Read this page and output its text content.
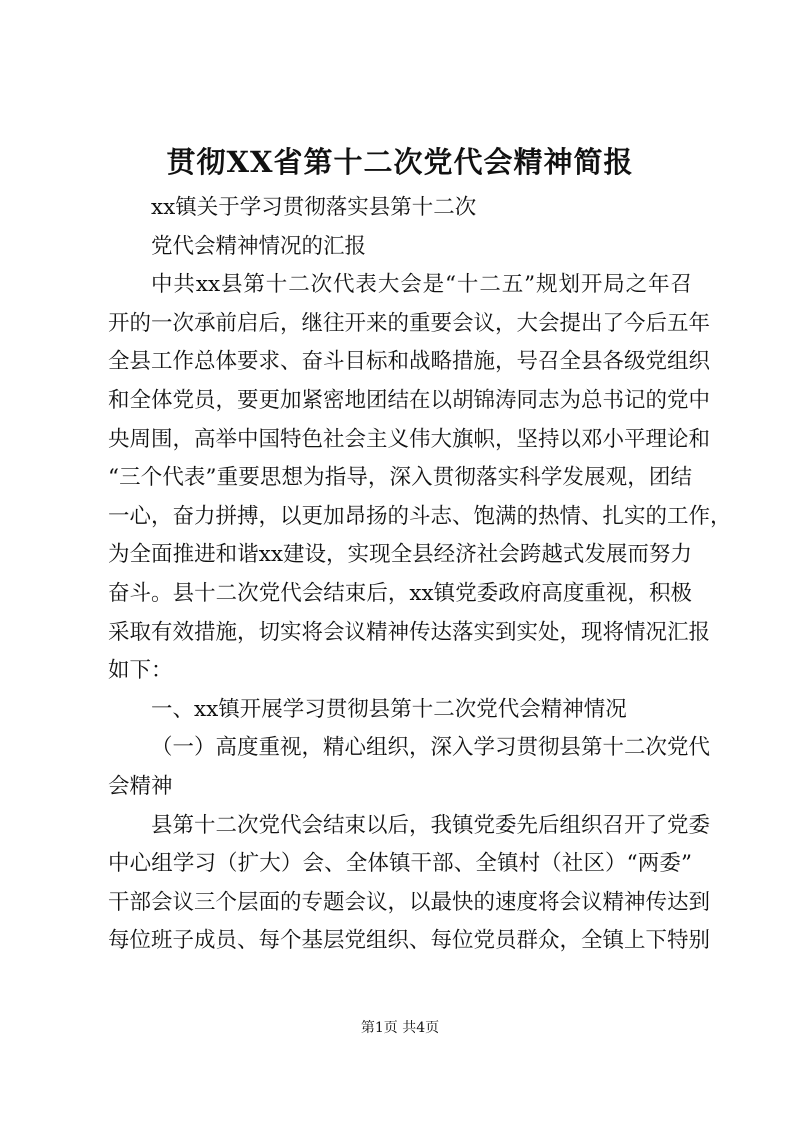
贯彻XX省第十二次党代会精神简报
xx镇关于学习贯彻落实县第十二次
党代会精神情况的汇报
中共xx县第十二次代表大会是“十二五”规划开局之年召
开的一次承前启后，继往开来的重要会议，大会提出了今后五年
全县工作总体要求、奋斗目标和战略措施，号召全县各级党组织
和全体党员，要更加紧密地团结在以胡锦涛同志为总书记的党中
央周围，高举中国特色社会主义伟大旗帜，坚持以邓小平理论和
“三个代表”重要思想为指导，深入贯彻落实科学发展观，团结
一心，奋力拼搏，以更加昂扬的斗志、饱满的热情、扎实的工作，
为全面推进和谐xx建设，实现全县经济社会跨越式发展而努力
奋斗。县十二次党代会结束后，xx镇党委政府高度重视，积极
采取有效措施，切实将会议精神传达落实到实处，现将情况汇报
如下：
一、xx镇开展学习贯彻县第十二次党代会精神情况
（一）高度重视，精心组织，深入学习贯彻县第十二次党代
会精神
县第十二次党代会结束以后，我镇党委先后组织召开了党委
中心组学习（扩大）会、全体镇干部、全镇村（社区）“两委”
干部会议三个层面的专题会议，以最快的速度将会议精神传达到
每位班子成员、每个基层党组织、每位党员群众，全镇上下特别
第1页 共4页
